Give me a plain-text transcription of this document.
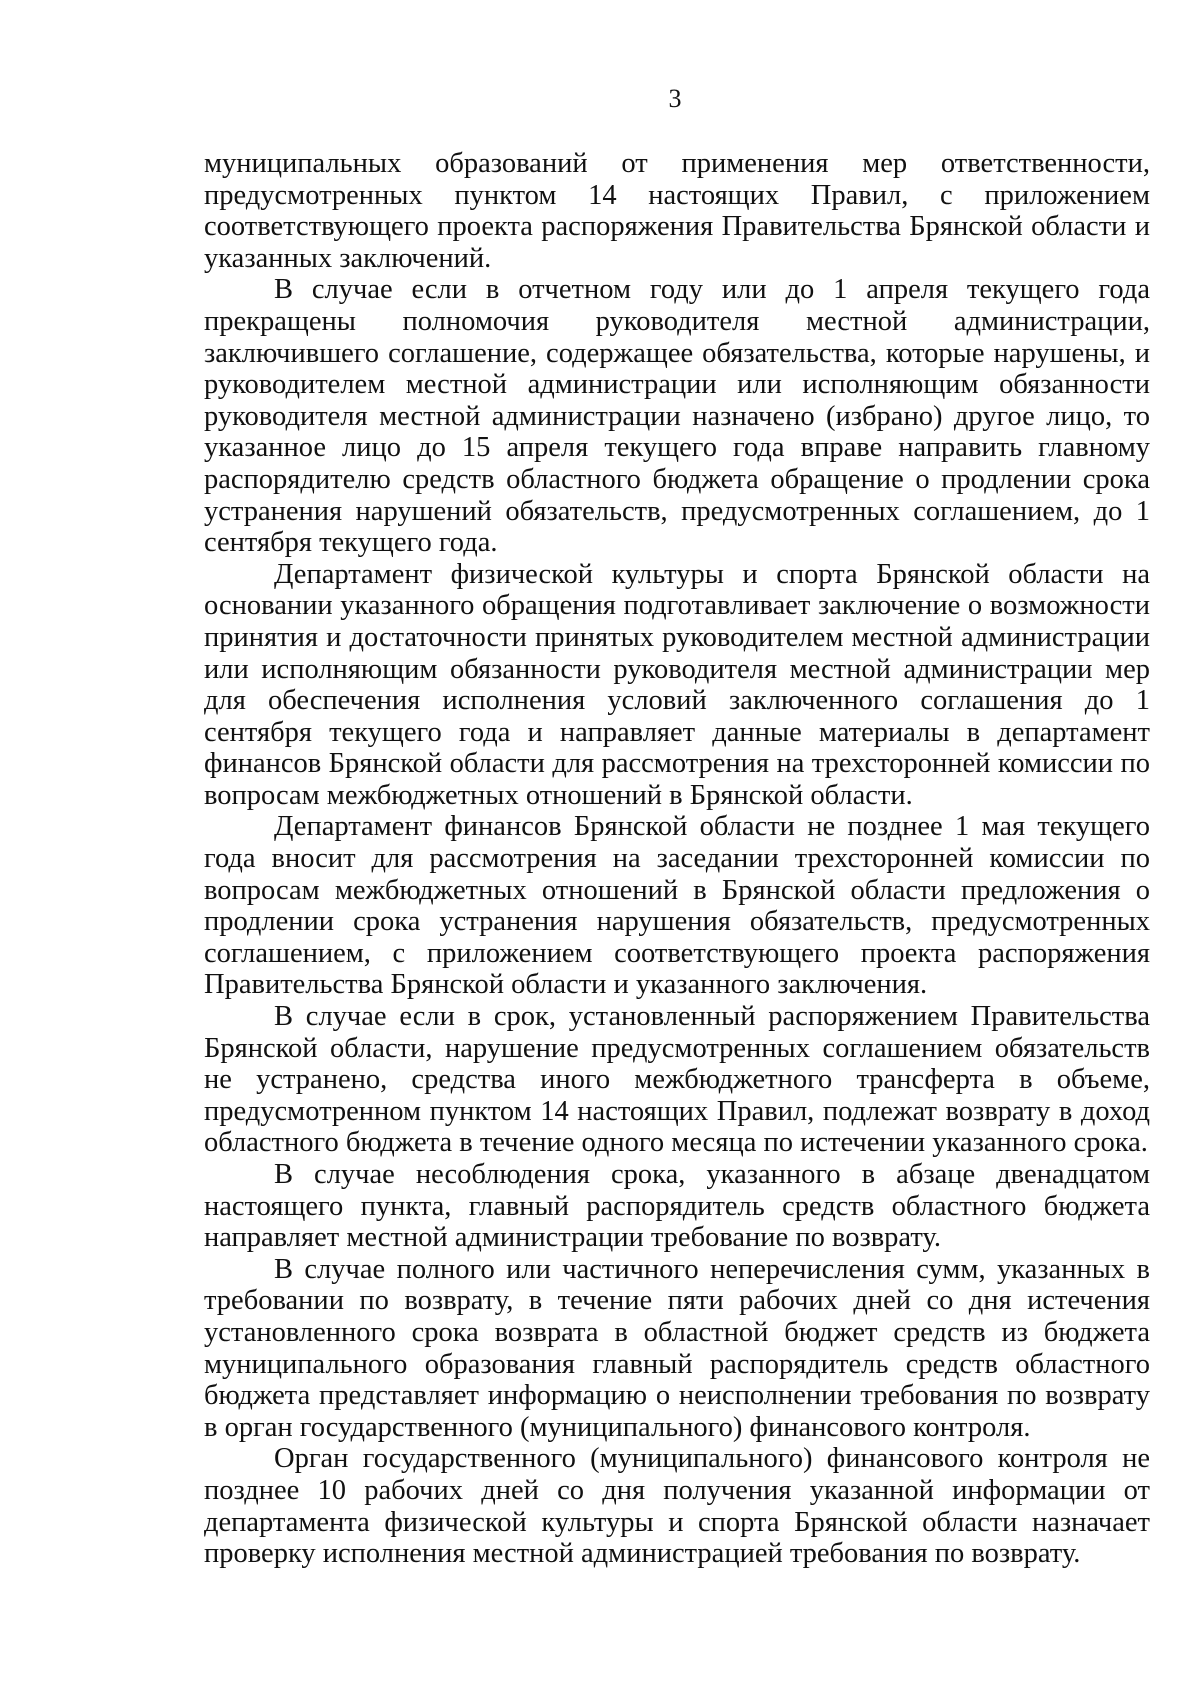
3

муниципальных образований от применения мер ответственности, предусмотренных пунктом 14 настоящих Правил, с приложением соответствующего проекта распоряжения Правительства Брянской области и указанных заключений.

В случае если в отчетном году или до 1 апреля текущего года прекращены полномочия руководителя местной администрации, заключившего соглашение, содержащее обязательства, которые нарушены, и руководителем местной администрации или исполняющим обязанности руководителя местной администрации назначено (избрано) другое лицо, то указанное лицо до 15 апреля текущего года вправе направить главному распорядителю средств областного бюджета обращение о продлении срока устранения нарушений обязательств, предусмотренных соглашением, до 1 сентября текущего года.

Департамент физической культуры и спорта Брянской области на основании указанного обращения подготавливает заключение о возможности принятия и достаточности принятых руководителем местной администрации или исполняющим обязанности руководителя местной администрации мер для обеспечения исполнения условий заключенного соглашения до 1 сентября текущего года и направляет данные материалы в департамент финансов Брянской области для рассмотрения на трехсторонней комиссии по вопросам межбюджетных отношений в Брянской области.

Департамент финансов Брянской области не позднее 1 мая текущего года вносит для рассмотрения на заседании трехсторонней комиссии по вопросам межбюджетных отношений в Брянской области предложения о продлении срока устранения нарушения обязательств, предусмотренных соглашением, с приложением соответствующего проекта распоряжения Правительства Брянской области и указанного заключения.

В случае если в срок, установленный распоряжением Правительства Брянской области, нарушение предусмотренных соглашением обязательств не устранено, средства иного межбюджетного трансферта в объеме, предусмотренном пунктом 14 настоящих Правил, подлежат возврату в доход областного бюджета в течение одного месяца по истечении указанного срока.

В случае несоблюдения срока, указанного в абзаце двенадцатом настоящего пункта, главный распорядитель средств областного бюджета направляет местной администрации требование по возврату.

В случае полного или частичного неперечисления сумм, указанных в требовании по возврату, в течение пяти рабочих дней со дня истечения установленного срока возврата в областной бюджет средств из бюджета муниципального образования главный распорядитель средств областного бюджета представляет информацию о неисполнении требования по возврату в орган государственного (муниципального) финансового контроля.

Орган государственного (муниципального) финансового контроля не позднее 10 рабочих дней со дня получения указанной информации от департамента физической культуры и спорта Брянской области назначает проверку исполнения местной администрацией требования по возврату.
